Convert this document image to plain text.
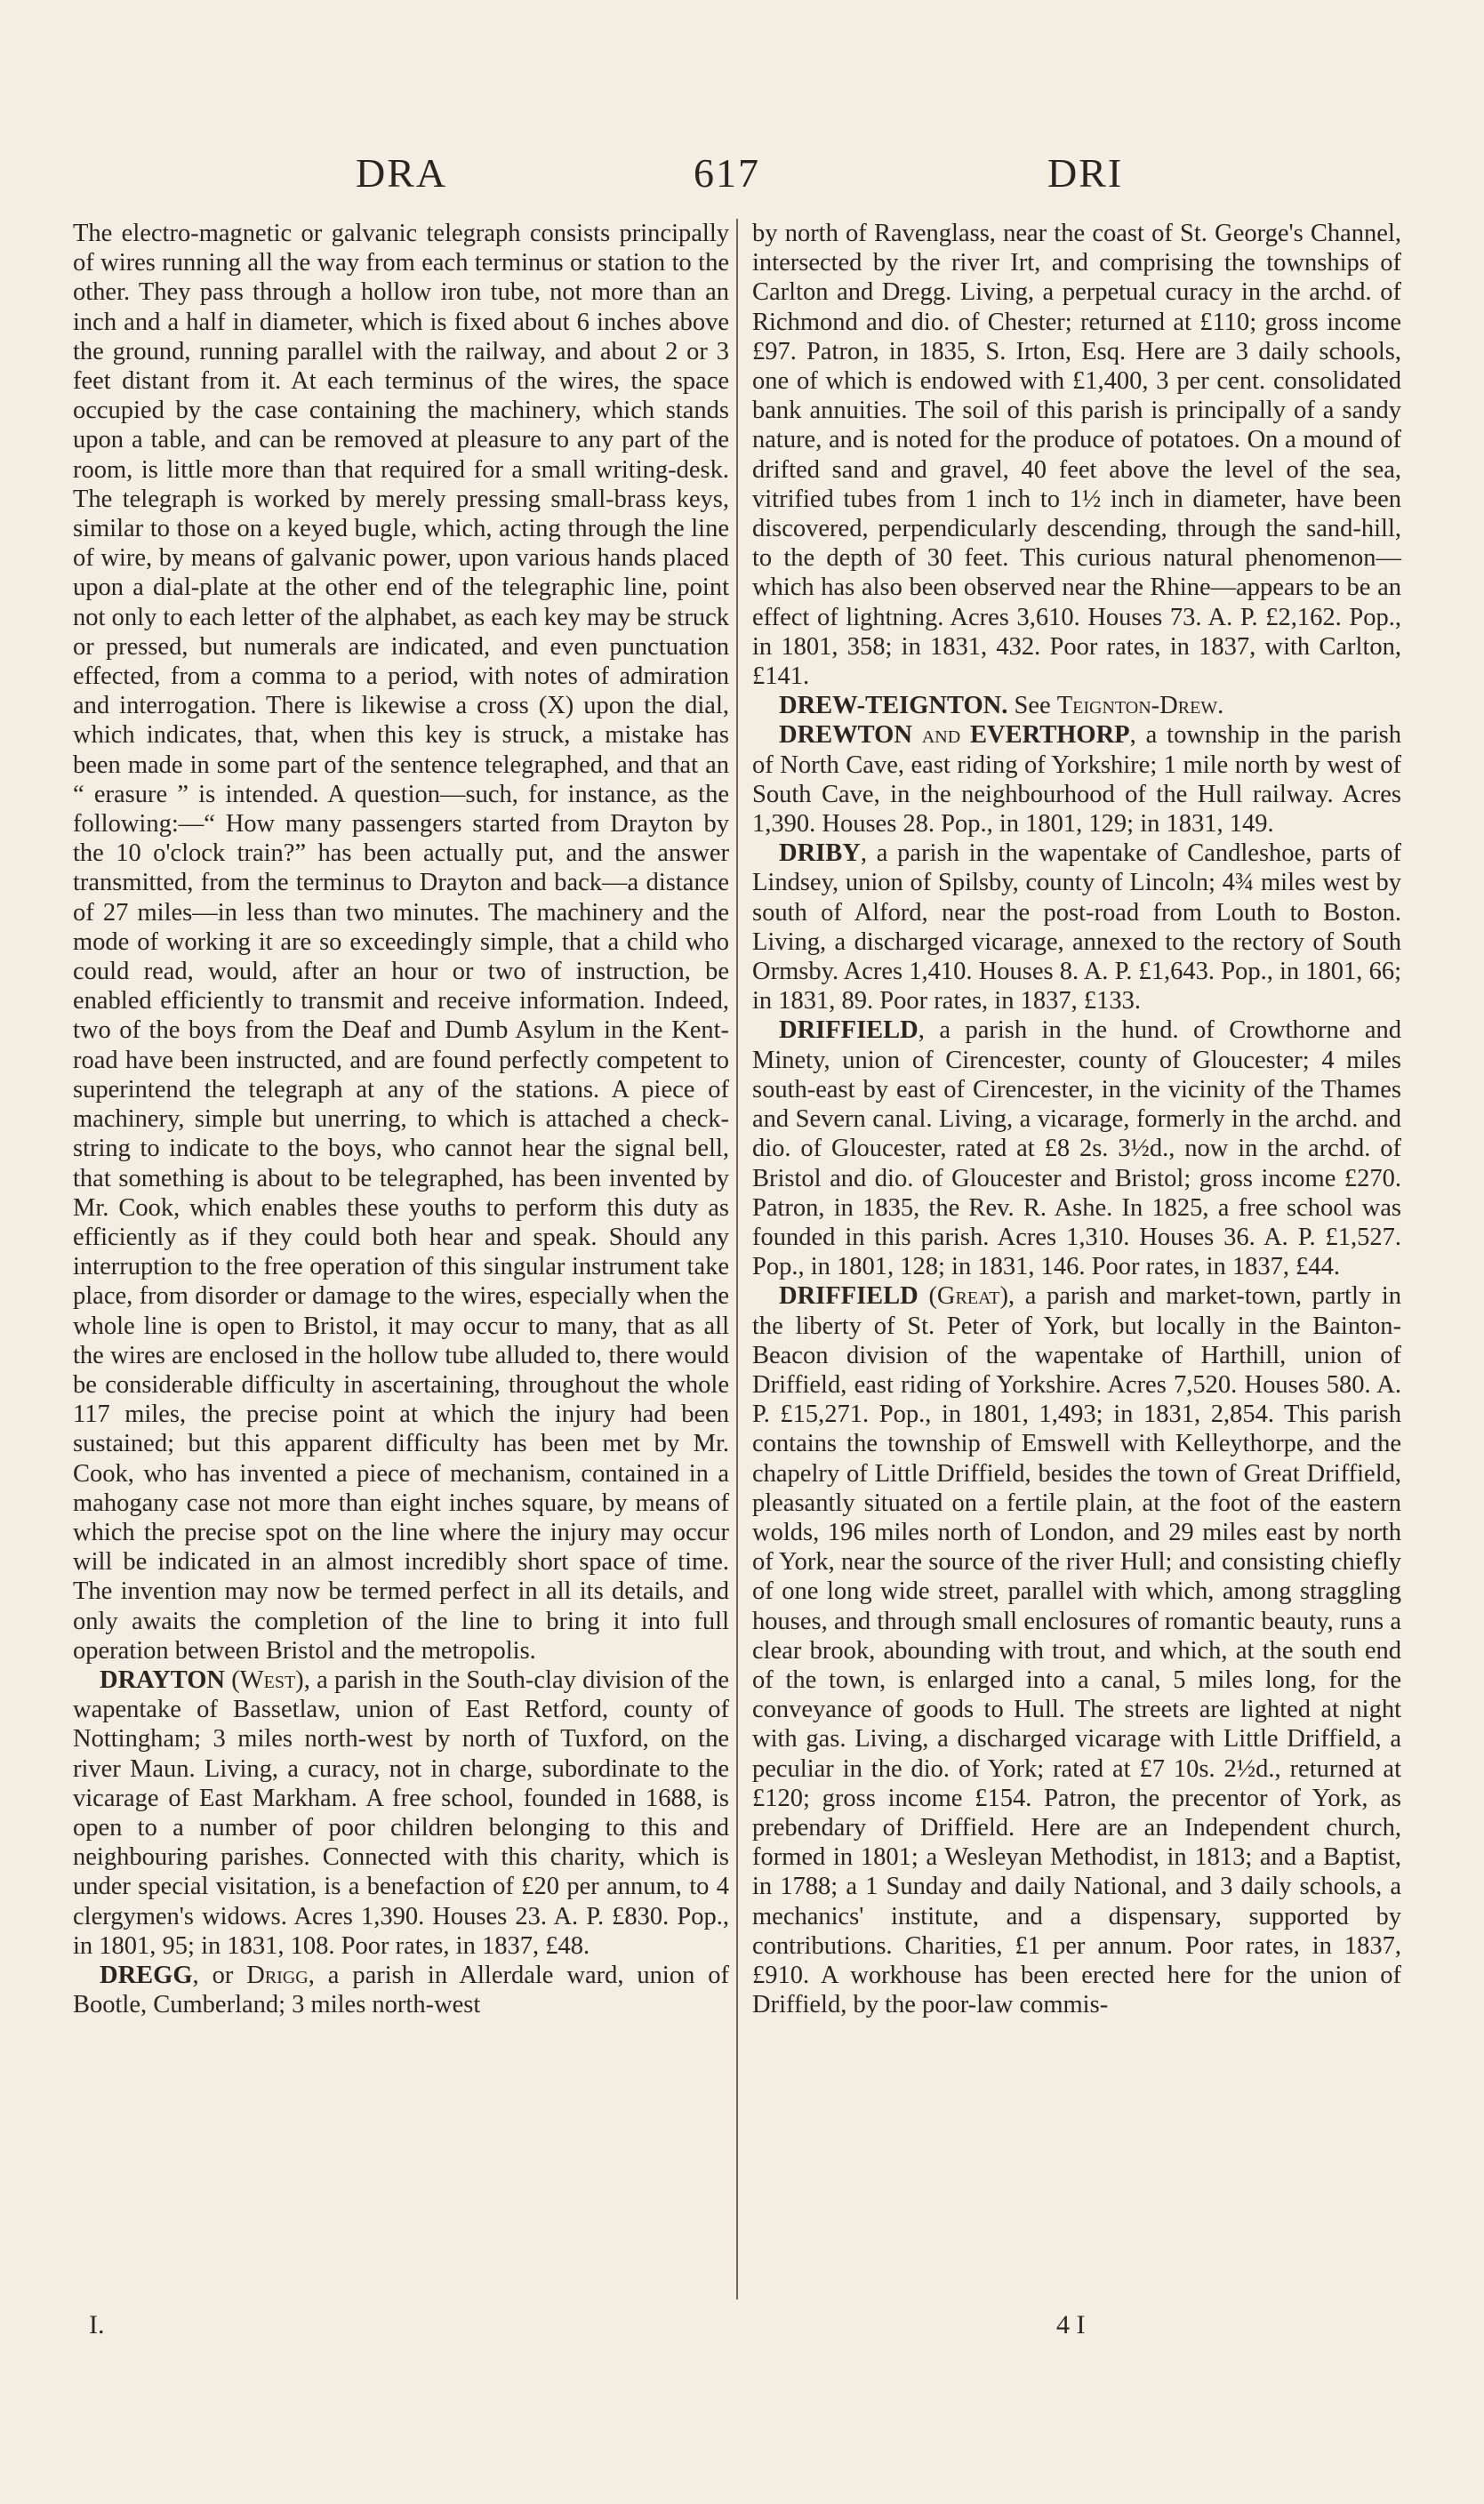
DRA	617	DRI

The electro-magnetic or galvanic telegraph consists principally of wires running all the way from each terminus or station to the other. They pass through a hollow iron tube, not more than an inch and a half in diameter, which is fixed about 6 inches above the ground, running parallel with the railway, and about 2 or 3 feet distant from it. At each terminus of the wires, the space occupied by the case containing the machinery, which stands upon a table, and can be removed at pleasure to any part of the room, is little more than that required for a small writing-desk. The telegraph is worked by merely pressing small-brass keys, similar to those on a keyed bugle, which, acting through the line of wire, by means of galvanic power, upon various hands placed upon a dial-plate at the other end of the telegraphic line, point not only to each letter of the alphabet, as each key may be struck or pressed, but numerals are indicated, and even punctuation effected, from a comma to a period, with notes of admiration and interrogation. There is likewise a cross (X) upon the dial, which indicates, that, when this key is struck, a mistake has been made in some part of the sentence telegraphed, and that an “ erasure ” is intended. A question—such, for instance, as the following:—“ How many passengers started from Drayton by the 10 o'clock train?” has been actually put, and the answer transmitted, from the terminus to Drayton and back—a distance of 27 miles—in less than two minutes. The machinery and the mode of working it are so exceedingly simple, that a child who could read, would, after an hour or two of instruction, be enabled efficiently to transmit and receive information. Indeed, two of the boys from the Deaf and Dumb Asylum in the Kent-road have been instructed, and are found perfectly competent to superintend the telegraph at any of the stations. A piece of machinery, simple but unerring, to which is attached a check-string to indicate to the boys, who cannot hear the signal bell, that something is about to be telegraphed, has been invented by Mr. Cook, which enables these youths to perform this duty as efficiently as if they could both hear and speak. Should any interruption to the free operation of this singular instrument take place, from disorder or damage to the wires, especially when the whole line is open to Bristol, it may occur to many, that as all the wires are enclosed in the hollow tube alluded to, there would be considerable difficulty in ascertaining, throughout the whole 117 miles, the precise point at which the injury had been sustained; but this apparent difficulty has been met by Mr. Cook, who has invented a piece of mechanism, contained in a mahogany case not more than eight inches square, by means of which the precise spot on the line where the injury may occur will be indicated in an almost incredibly short space of time. The invention may now be termed perfect in all its details, and only awaits the completion of the line to bring it into full operation between Bristol and the metropolis.

DRAYTON (West), a parish in the South-clay division of the wapentake of Bassetlaw, union of East Retford, county of Nottingham; 3 miles north-west by north of Tuxford, on the river Maun. Living, a curacy, not in charge, subordinate to the vicarage of East Markham. A free school, founded in 1688, is open to a number of poor children belonging to this and neighbouring parishes. Connected with this charity, which is under special visitation, is a benefaction of £20 per annum, to 4 clergymen's widows. Acres 1,390. Houses 23. A. P. £830. Pop., in 1801, 95; in 1831, 108. Poor rates, in 1837, £48.

DREGG, or Drigg, a parish in Allerdale ward, union of Bootle, Cumberland; 3 miles north-west

by north of Ravenglass, near the coast of St. George's Channel, intersected by the river Irt, and comprising the townships of Carlton and Dregg. Living, a perpetual curacy in the archd. of Richmond and dio. of Chester; returned at £110; gross income £97. Patron, in 1835, S. Irton, Esq. Here are 3 daily schools, one of which is endowed with £1,400, 3 per cent. consolidated bank annuities. The soil of this parish is principally of a sandy nature, and is noted for the produce of potatoes. On a mound of drifted sand and gravel, 40 feet above the level of the sea, vitrified tubes from 1 inch to 1½ inch in diameter, have been discovered, perpendicularly descending, through the sand-hill, to the depth of 30 feet. This curious natural phenomenon—which has also been observed near the Rhine—appears to be an effect of lightning. Acres 3,610. Houses 73. A. P. £2,162. Pop., in 1801, 358; in 1831, 432. Poor rates, in 1837, with Carlton, £141.

DREW-TEIGNTON. See Teignton-Drew.

DREWTON and EVERTHORP, a township in the parish of North Cave, east riding of Yorkshire; 1 mile north by west of South Cave, in the neighbourhood of the Hull railway. Acres 1,390. Houses 28. Pop., in 1801, 129; in 1831, 149.

DRIBY, a parish in the wapentake of Candleshoe, parts of Lindsey, union of Spilsby, county of Lincoln; 4¾ miles west by south of Alford, near the post-road from Louth to Boston. Living, a discharged vicarage, annexed to the rectory of South Ormsby. Acres 1,410. Houses 8. A. P. £1,643. Pop., in 1801, 66; in 1831, 89. Poor rates, in 1837, £133.

DRIFFIELD, a parish in the hund. of Crowthorne and Minety, union of Cirencester, county of Gloucester; 4 miles south-east by east of Cirencester, in the vicinity of the Thames and Severn canal. Living, a vicarage, formerly in the archd. and dio. of Gloucester, rated at £8 2s. 3½d., now in the archd. of Bristol and dio. of Gloucester and Bristol; gross income £270. Patron, in 1835, the Rev. R. Ashe. In 1825, a free school was founded in this parish. Acres 1,310. Houses 36. A. P. £1,527. Pop., in 1801, 128; in 1831, 146. Poor rates, in 1837, £44.

DRIFFIELD (Great), a parish and market-town, partly in the liberty of St. Peter of York, but locally in the Bainton-Beacon division of the wapentake of Harthill, union of Driffield, east riding of Yorkshire. Acres 7,520. Houses 580. A. P. £15,271. Pop., in 1801, 1,493; in 1831, 2,854. This parish contains the township of Emswell with Kelleythorpe, and the chapelry of Little Driffield, besides the town of Great Driffield, pleasantly situated on a fertile plain, at the foot of the eastern wolds, 196 miles north of London, and 29 miles east by north of York, near the source of the river Hull; and consisting chiefly of one long wide street, parallel with which, among straggling houses, and through small enclosures of romantic beauty, runs a clear brook, abounding with trout, and which, at the south end of the town, is enlarged into a canal, 5 miles long, for the conveyance of goods to Hull. The streets are lighted at night with gas. Living, a discharged vicarage with Little Driffield, a peculiar in the dio. of York; rated at £7 10s. 2½d., returned at £120; gross income £154. Patron, the precentor of York, as prebendary of Driffield. Here are an Independent church, formed in 1801; a Wesleyan Methodist, in 1813; and a Baptist, in 1788; a 1 Sunday and daily National, and 3 daily schools, a mechanics' institute, and a dispensary, supported by contributions. Charities, £1 per annum. Poor rates, in 1837, £910. A workhouse has been erected here for the union of Driffield, by the poor-law commis-

I.	4 I
